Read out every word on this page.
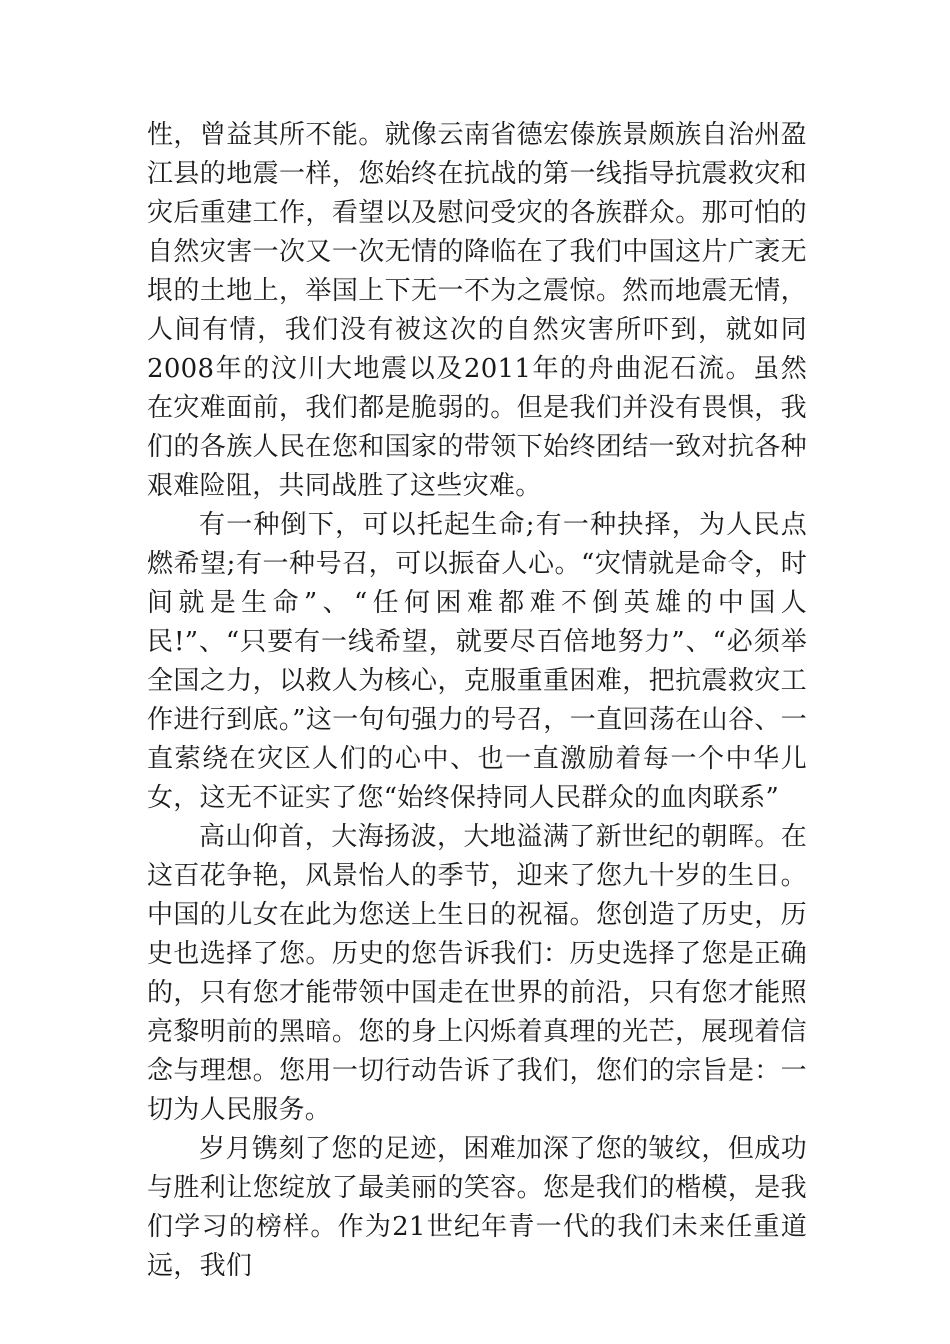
性，曾益其所不能。就像云南省德宏傣族景颇族自治州盈江县的地震一样，您始终在抗战的第一线指导抗震救灾和灾后重建工作，看望以及慰问受灾的各族群众。那可怕的自然灾害一次又一次无情的降临在了我们中国这片广袤无垠的土地上，举国上下无一不为之震惊。然而地震无情，人间有情，我们没有被这次的自然灾害所吓到，就如同2008年的汶川大地震以及2011年的舟曲泥石流。虽然在灾难面前，我们都是脆弱的。但是我们并没有畏惧，我们的各族人民在您和国家的带领下始终团结一致对抗各种艰难险阻，共同战胜了这些灾难。

有一种倒下，可以托起生命;有一种抉择，为人民点燃希望;有一种号召，可以振奋人心。“灾情就是命令，时间就是生命”、“任何困难都难不倒英雄的中国人民!”、“只要有一线希望，就要尽百倍地努力”、“必须举全国之力，以救人为核心，克服重重困难，把抗震救灾工作进行到底。”这一句句强力的号召，一直回荡在山谷、一直萦绕在灾区人们的心中、也一直激励着每一个中华儿女，这无不证实了您“始终保持同人民群众的血肉联系”

高山仰首，大海扬波，大地溢满了新世纪的朝晖。在这百花争艳，风景怡人的季节，迎来了您九十岁的生日。中国的儿女在此为您送上生日的祝福。您创造了历史，历史也选择了您。历史的您告诉我们：历史选择了您是正确的，只有您才能带领中国走在世界的前沿，只有您才能照亮黎明前的黑暗。您的身上闪烁着真理的光芒，展现着信念与理想。您用一切行动告诉了我们，您们的宗旨是：一切为人民服务。

岁月镌刻了您的足迹，困难加深了您的皱纹，但成功与胜利让您绽放了最美丽的笑容。您是我们的楷模，是我们学习的榜样。作为21世纪年青一代的我们未来任重道远，我们
